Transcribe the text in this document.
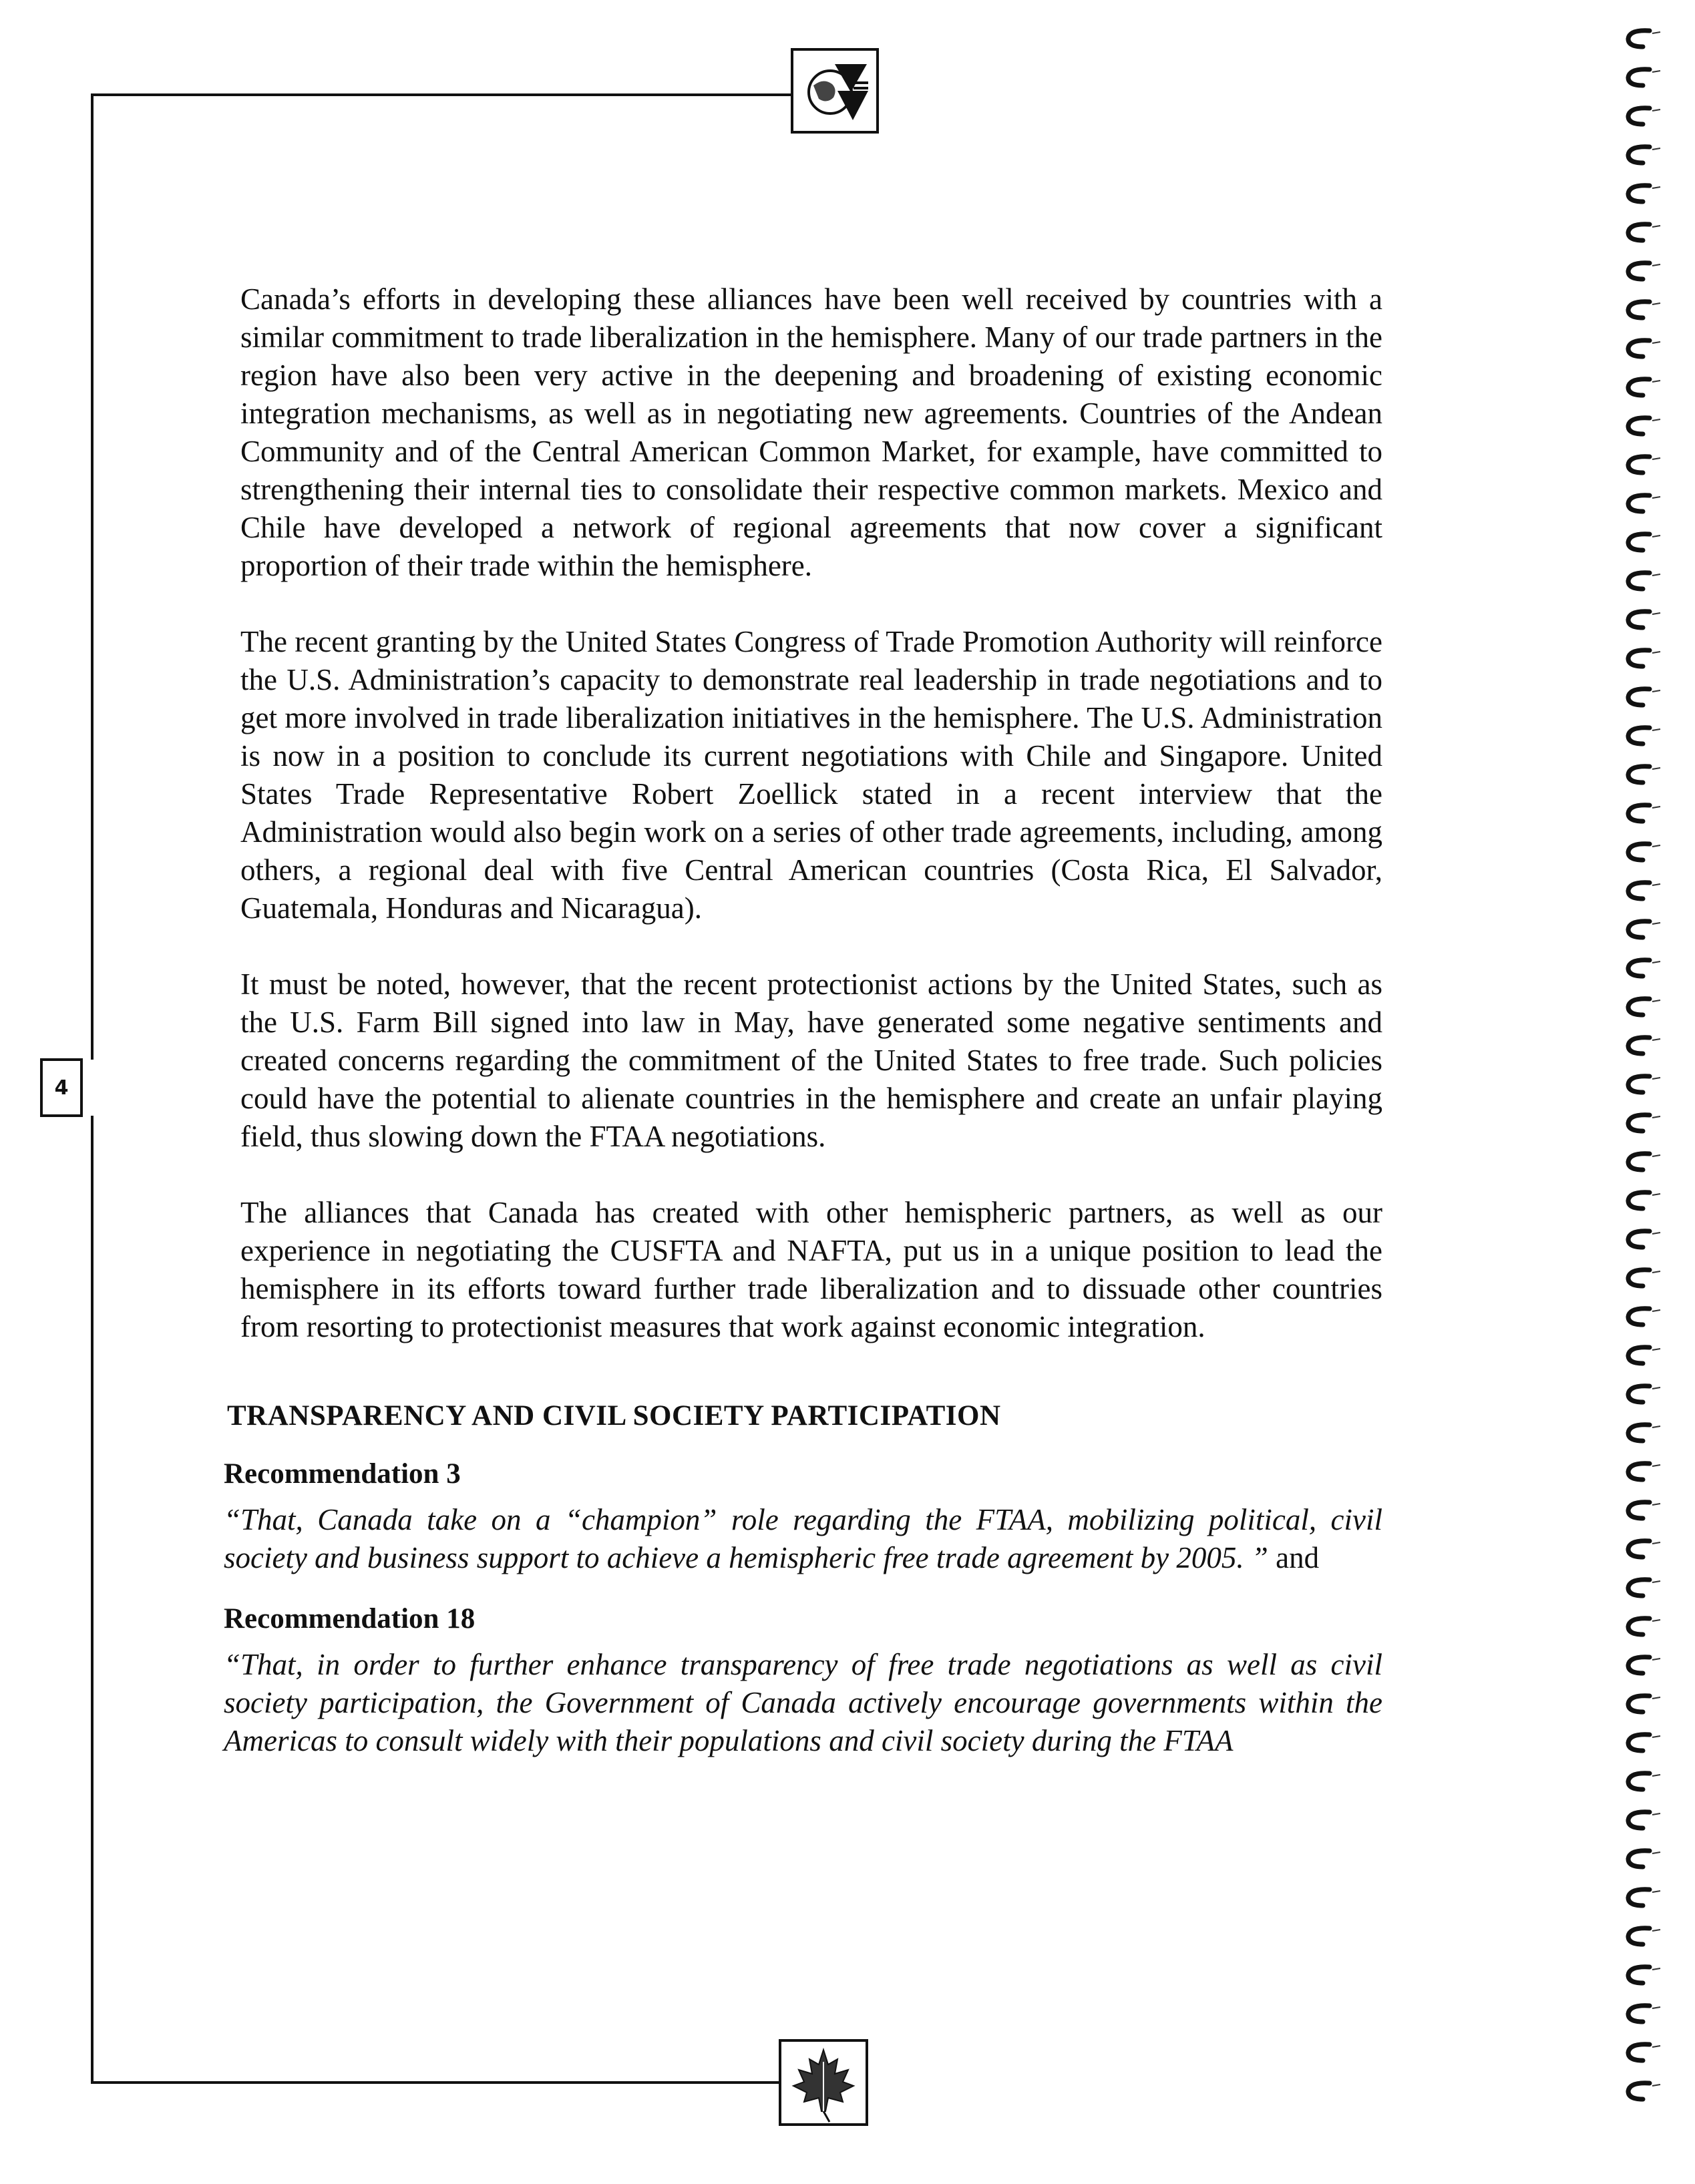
4

Canada’s efforts in developing these alliances have been well received by countries with a similar commitment to trade liberalization in the hemisphere. Many of our trade partners in the region have also been very active in the deepening and broadening of existing economic integration mechanisms, as well as in negotiating new agreements. Countries of the Andean Community and of the Central American Common Market, for example, have committed to strengthening their internal ties to consolidate their respective common markets. Mexico and Chile have developed a network of regional agreements that now cover a significant proportion of their trade within the hemisphere.

The recent granting by the United States Congress of Trade Promotion Authority will reinforce the U.S. Administration’s capacity to demonstrate real leadership in trade negotiations and to get more involved in trade liberalization initiatives in the hemisphere. The U.S. Administration is now in a position to conclude its current negotiations with Chile and Singapore. United States Trade Representative Robert Zoellick stated in a recent interview that the Administration would also begin work on a series of other trade agreements, including, among others, a regional deal with five Central American countries (Costa Rica, El Salvador, Guatemala, Honduras and Nicaragua).

It must be noted, however, that the recent protectionist actions by the United States, such as the U.S. Farm Bill signed into law in May, have generated some negative sentiments and created concerns regarding the commitment of the United States to free trade. Such policies could have the potential to alienate countries in the hemisphere and create an unfair playing field, thus slowing down the FTAA negotiations.

The alliances that Canada has created with other hemispheric partners, as well as our experience in negotiating the CUSFTA and NAFTA, put us in a unique position to lead the hemisphere in its efforts toward further trade liberalization and to dissuade other countries from resorting to protectionist measures that work against economic integration.

TRANSPARENCY AND CIVIL SOCIETY PARTICIPATION
Recommendation 3

“That, Canada take on a “champion” role regarding the FTAA, mobilizing political, civil society and business support to achieve a hemispheric free trade agreement by 2005. ” and

Recommendation 18

“That, in order to further enhance transparency of free trade negotiations as well as civil society participation, the Government of Canada actively encourage governments within the Americas to consult widely with their populations and civil society during the FTAA
